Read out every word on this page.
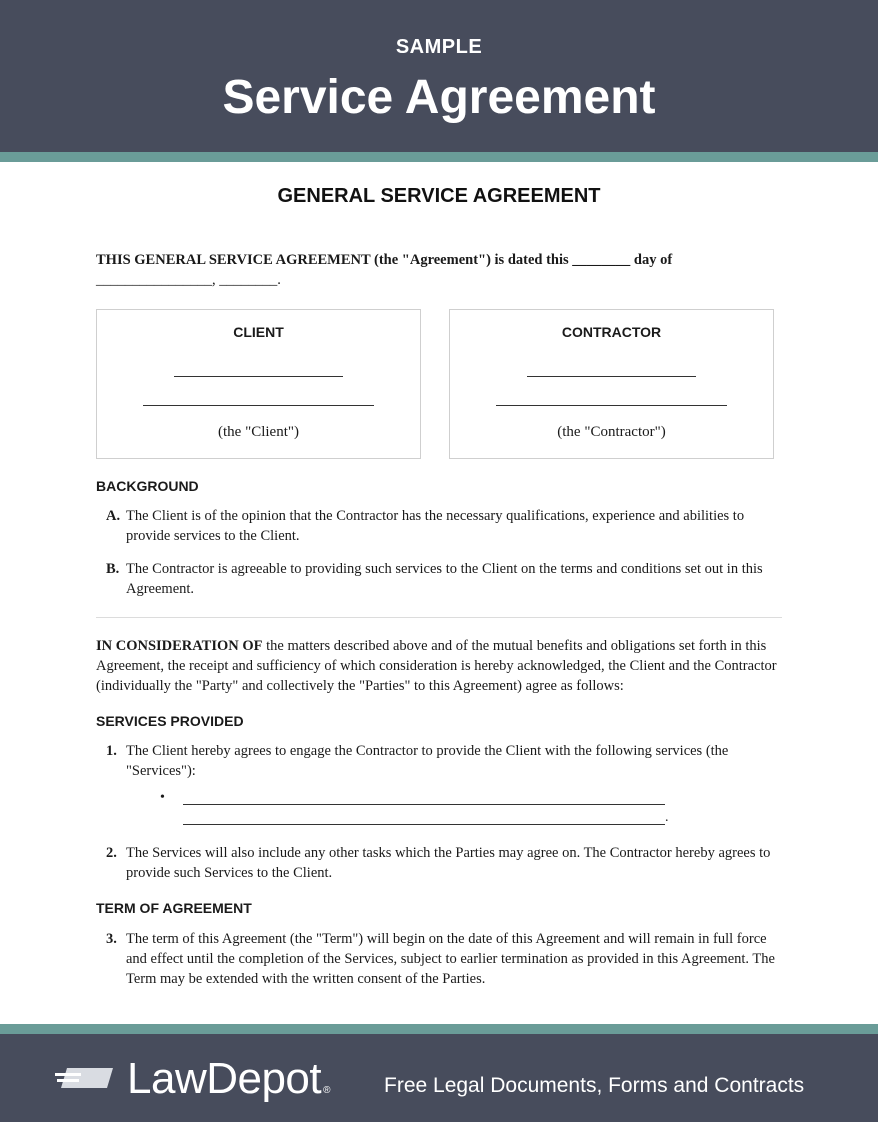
SAMPLE
Service Agreement
GENERAL SERVICE AGREEMENT
THIS GENERAL SERVICE AGREEMENT (the "Agreement") is dated this ________ day of
________________, ________.
CLIENT
(the "Client")
CONTRACTOR
(the "Contractor")
BACKGROUND
A. The Client is of the opinion that the Contractor has the necessary qualifications, experience and abilities to provide services to the Client.
B. The Contractor is agreeable to providing such services to the Client on the terms and conditions set out in this Agreement.
IN CONSIDERATION OF the matters described above and of the mutual benefits and obligations set forth in this Agreement, the receipt and sufficiency of which consideration is hereby acknowledged, the Client and the Contractor (individually the "Party" and collectively the "Parties" to this Agreement) agree as follows:
SERVICES PROVIDED
1. The Client hereby agrees to engage the Contractor to provide the Client with the following services (the "Services"):
•
.
2. The Services will also include any other tasks which the Parties may agree on. The Contractor hereby agrees to provide such Services to the Client.
TERM OF AGREEMENT
3. The term of this Agreement (the "Term") will begin on the date of this Agreement and will remain in full force and effect until the completion of the Services, subject to earlier termination as provided in this Agreement. The Term may be extended with the written consent of the Parties.
LawDepot ®	Free Legal Documents, Forms and Contracts
